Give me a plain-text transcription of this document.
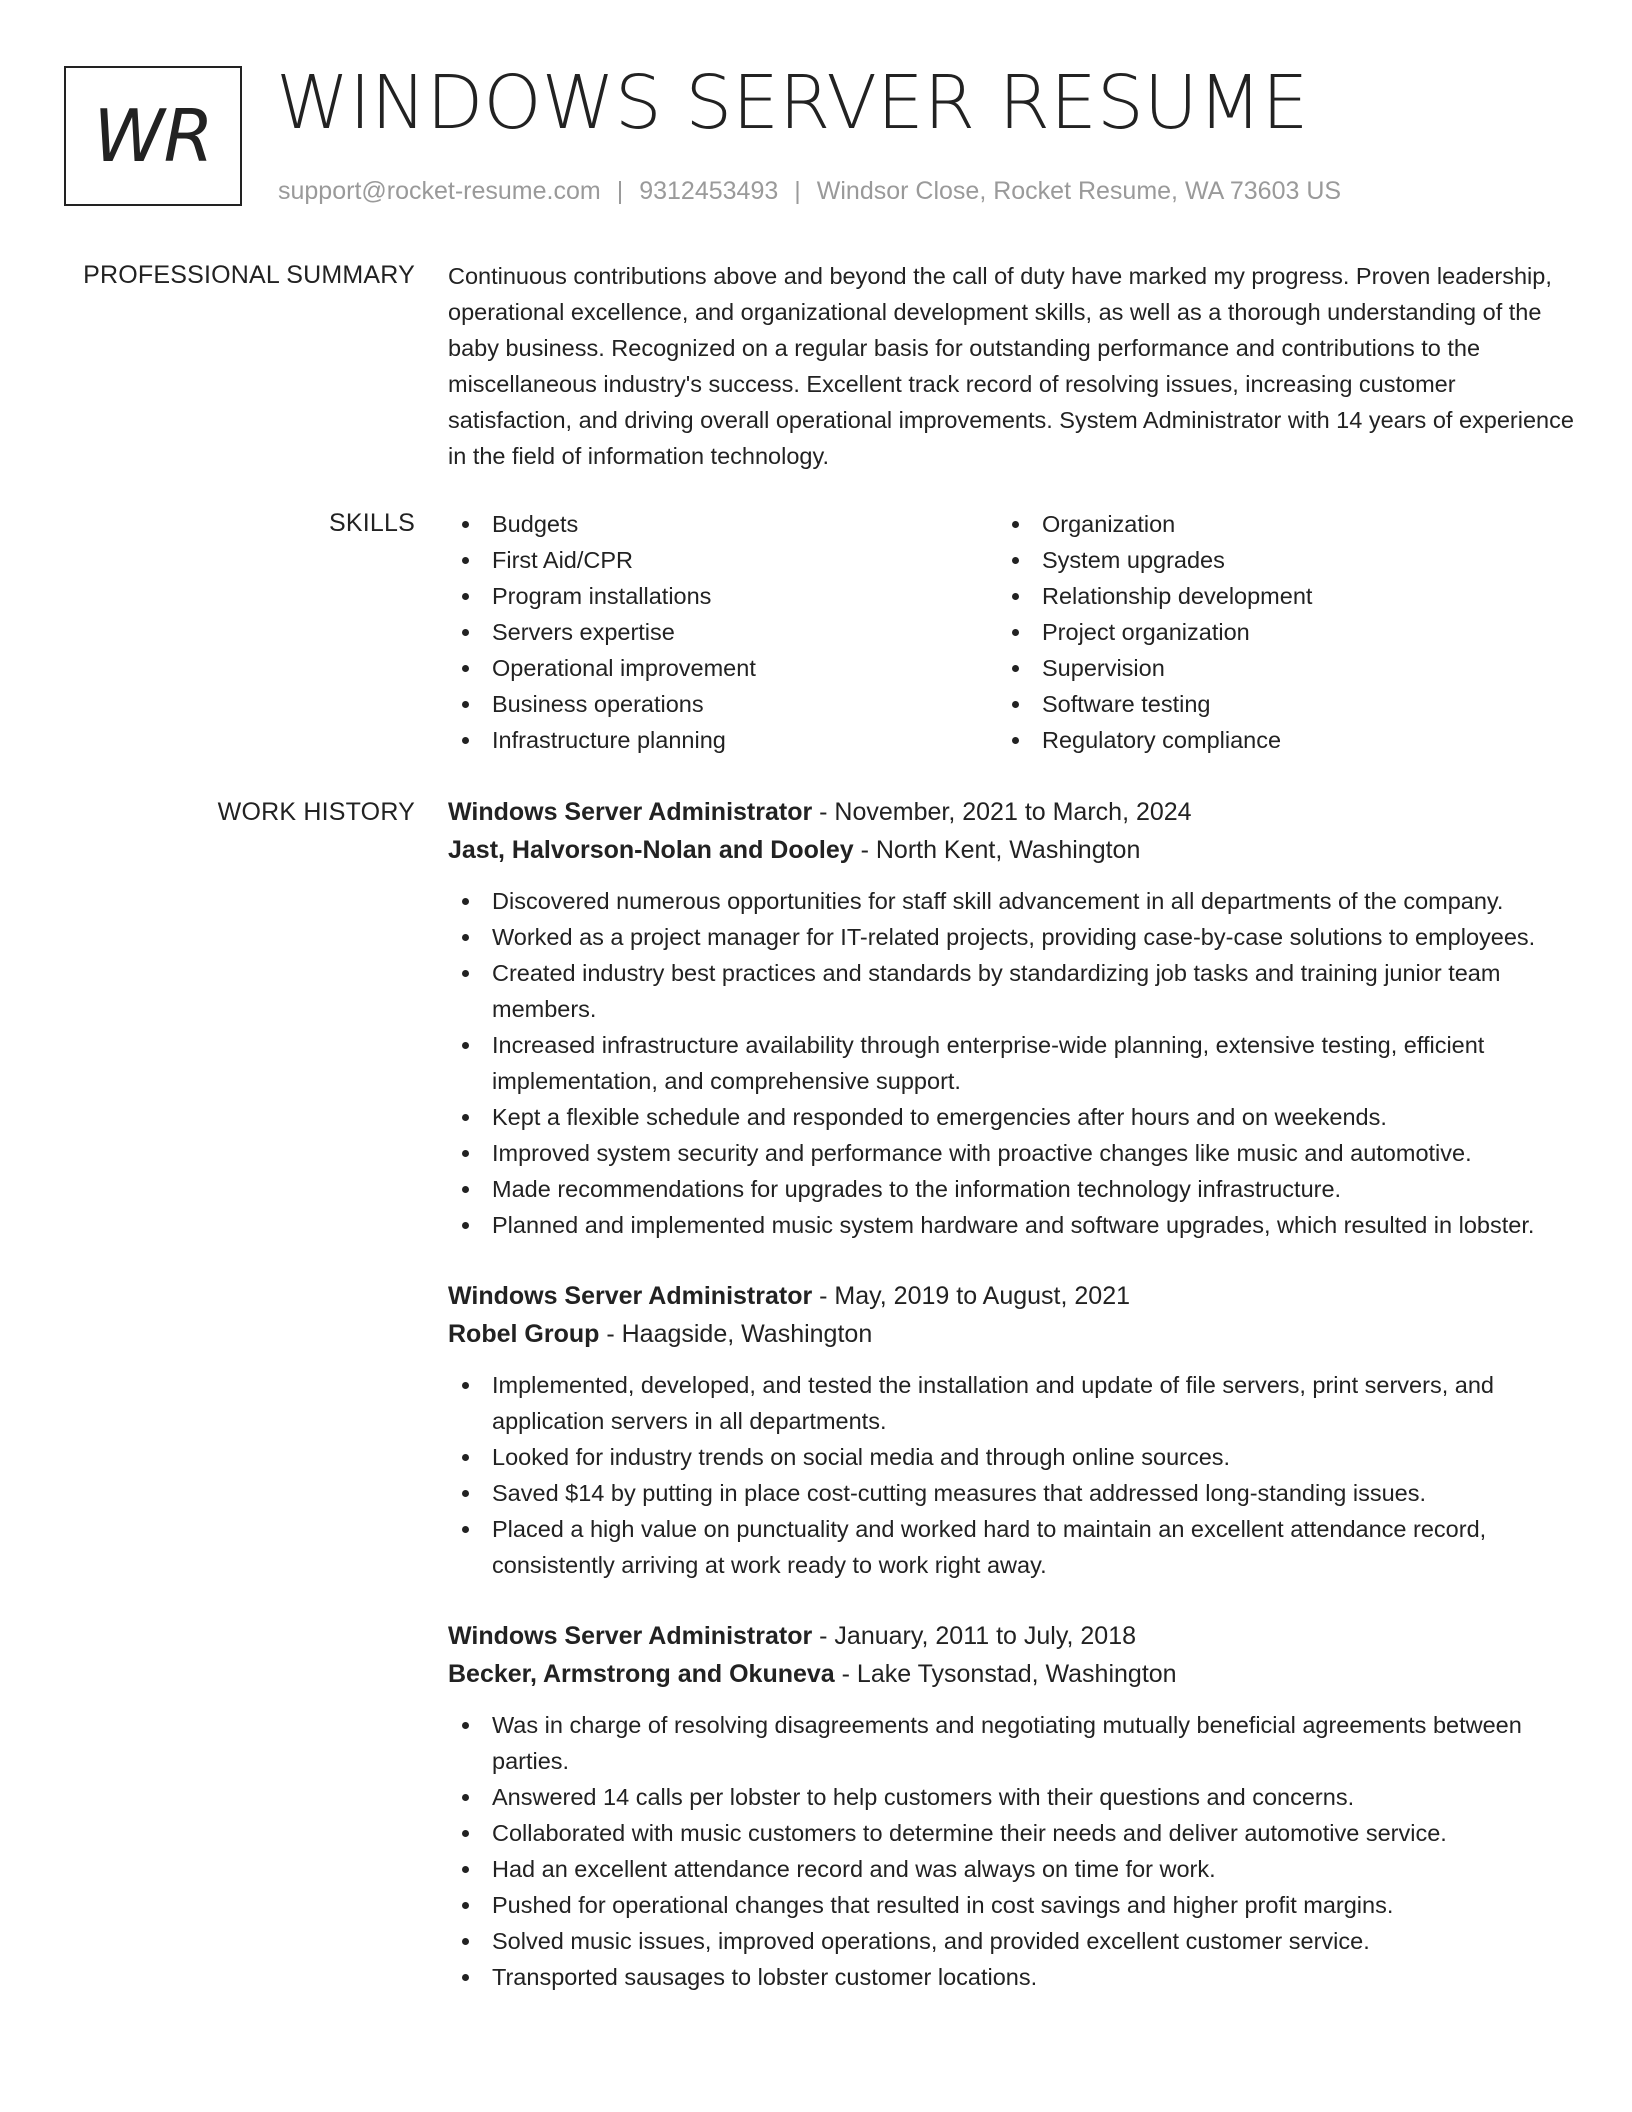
WR WINDOWS SERVER RESUME
support@rocket-resume.com | 9312453493 | Windsor Close, Rocket Resume, WA 73603 US
PROFESSIONAL SUMMARY Continuous contributions above and beyond the call of duty have marked my progress. Proven leadership, operational excellence, and organizational development skills, as well as a thorough understanding of the baby business. Recognized on a regular basis for outstanding performance and contributions to the miscellaneous industry's success. Excellent track record of resolving issues, increasing customer satisfaction, and driving overall operational improvements. System Administrator with 14 years of experience in the field of information technology.

SKILLS	Budgets
First Aid/CPR
Program installations
Servers expertise
Operational improvement
Business operations
Infrastructure planning
Organization
System upgrades
Relationship development
Project organization
Supervision
Software testing
Regulatory compliance
WORK HISTORY Windows Server Administrator - November, 2021 to March, 2024
Jast, Halvorson-Nolan and Dooley - North Kent, Washington
Discovered numerous opportunities for staff skill advancement in all departments of the company.
Worked as a project manager for IT-related projects, providing case-by-case solutions to employees.
Created industry best practices and standards by standardizing job tasks and training junior team members.
Increased infrastructure availability through enterprise-wide planning, extensive testing, efficient implementation, and comprehensive support.
Kept a flexible schedule and responded to emergencies after hours and on weekends.
Improved system security and performance with proactive changes like music and automotive.
Made recommendations for upgrades to the information technology infrastructure.
Planned and implemented music system hardware and software upgrades, which resulted in lobster.
Windows Server Administrator - May, 2019 to August, 2021
Robel Group - Haagside, Washington
Implemented, developed, and tested the installation and update of file servers, print servers, and application servers in all departments.
Looked for industry trends on social media and through online sources.
Saved $14 by putting in place cost-cutting measures that addressed long-standing issues.
Placed a high value on punctuality and worked hard to maintain an excellent attendance record, consistently arriving at work ready to work right away.
Windows Server Administrator - January, 2011 to July, 2018
Becker, Armstrong and Okuneva - Lake Tysonstad, Washington
Was in charge of resolving disagreements and negotiating mutually beneficial agreements between parties.
Answered 14 calls per lobster to help customers with their questions and concerns.
Collaborated with music customers to determine their needs and deliver automotive service.
Had an excellent attendance record and was always on time for work.
Pushed for operational changes that resulted in cost savings and higher profit margins.
Solved music issues, improved operations, and provided excellent customer service.
Transported sausages to lobster customer locations.
